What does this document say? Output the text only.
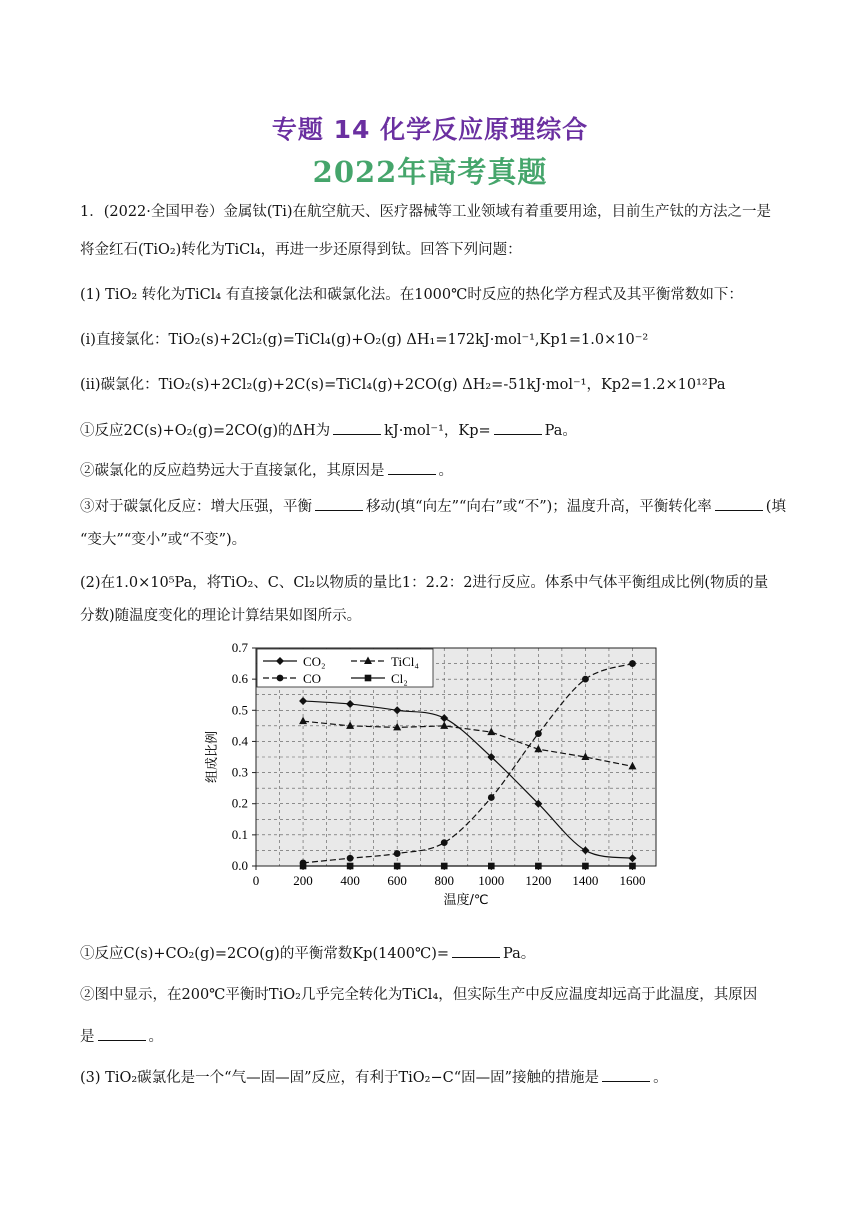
专题 14 化学反应原理综合
2022年高考真题
1．(2022·全国甲卷）金属钛(Ti)在航空航天、医疗器械等工业领域有着重要用途，目前生产钛的方法之一是
将金红石(TiO₂)转化为TiCl₄，再进一步还原得到钛。回答下列问题：
(1) TiO₂ 转化为TiCl₄ 有直接氯化法和碳氯化法。在1000℃时反应的热化学方程式及其平衡常数如下：
(ⅰ)直接氯化：TiO₂(s)+2Cl₂(g)=TiCl₄(g)+O₂(g) ΔH₁=172kJ·mol⁻¹,Kp1=1.0×10⁻²
(ⅱ)碳氯化：TiO₂(s)+2Cl₂(g)+2C(s)=TiCl₄(g)+2CO(g) ΔH₂=-51kJ·mol⁻¹，Kp2=1.2×10¹²Pa
①反应2C(s)+O₂(g)=2CO(g)的ΔH为	kJ·mol⁻¹，Kp=	Pa。
②碳氯化的反应趋势远大于直接氯化，其原因是	。
③对于碳氯化反应：增大压强，平衡	移动(填“向左”“向右”或“不”)；温度升高，平衡转化率	(填
“变大”“变小”或“不变”)。
(2)在1.0×10⁵Pa，将TiO₂、C、Cl₂以物质的量比1：2.2：2进行反应。体系中气体平衡组成比例(物质的量
分数)随温度变化的理论计算结果如图所示。
0.0
0.1
0.2
0.3
0.4
0.5
0.6
0.7
0	200 400 600 800 1000 1200 1400 1600
温度/℃
组成比例
CO₂	TiCl₄
CO	Cl₂
①反应C(s)+CO₂(g)=2CO(g)的平衡常数Kp(1400℃)=	Pa。
②图中显示，在200℃平衡时TiO₂几乎完全转化为TiCl₄，但实际生产中反应温度却远高于此温度，其原因
是	。
(3) TiO₂碳氯化是一个“气—固—固”反应，有利于TiO₂−C“固—固”接触的措施是	。
